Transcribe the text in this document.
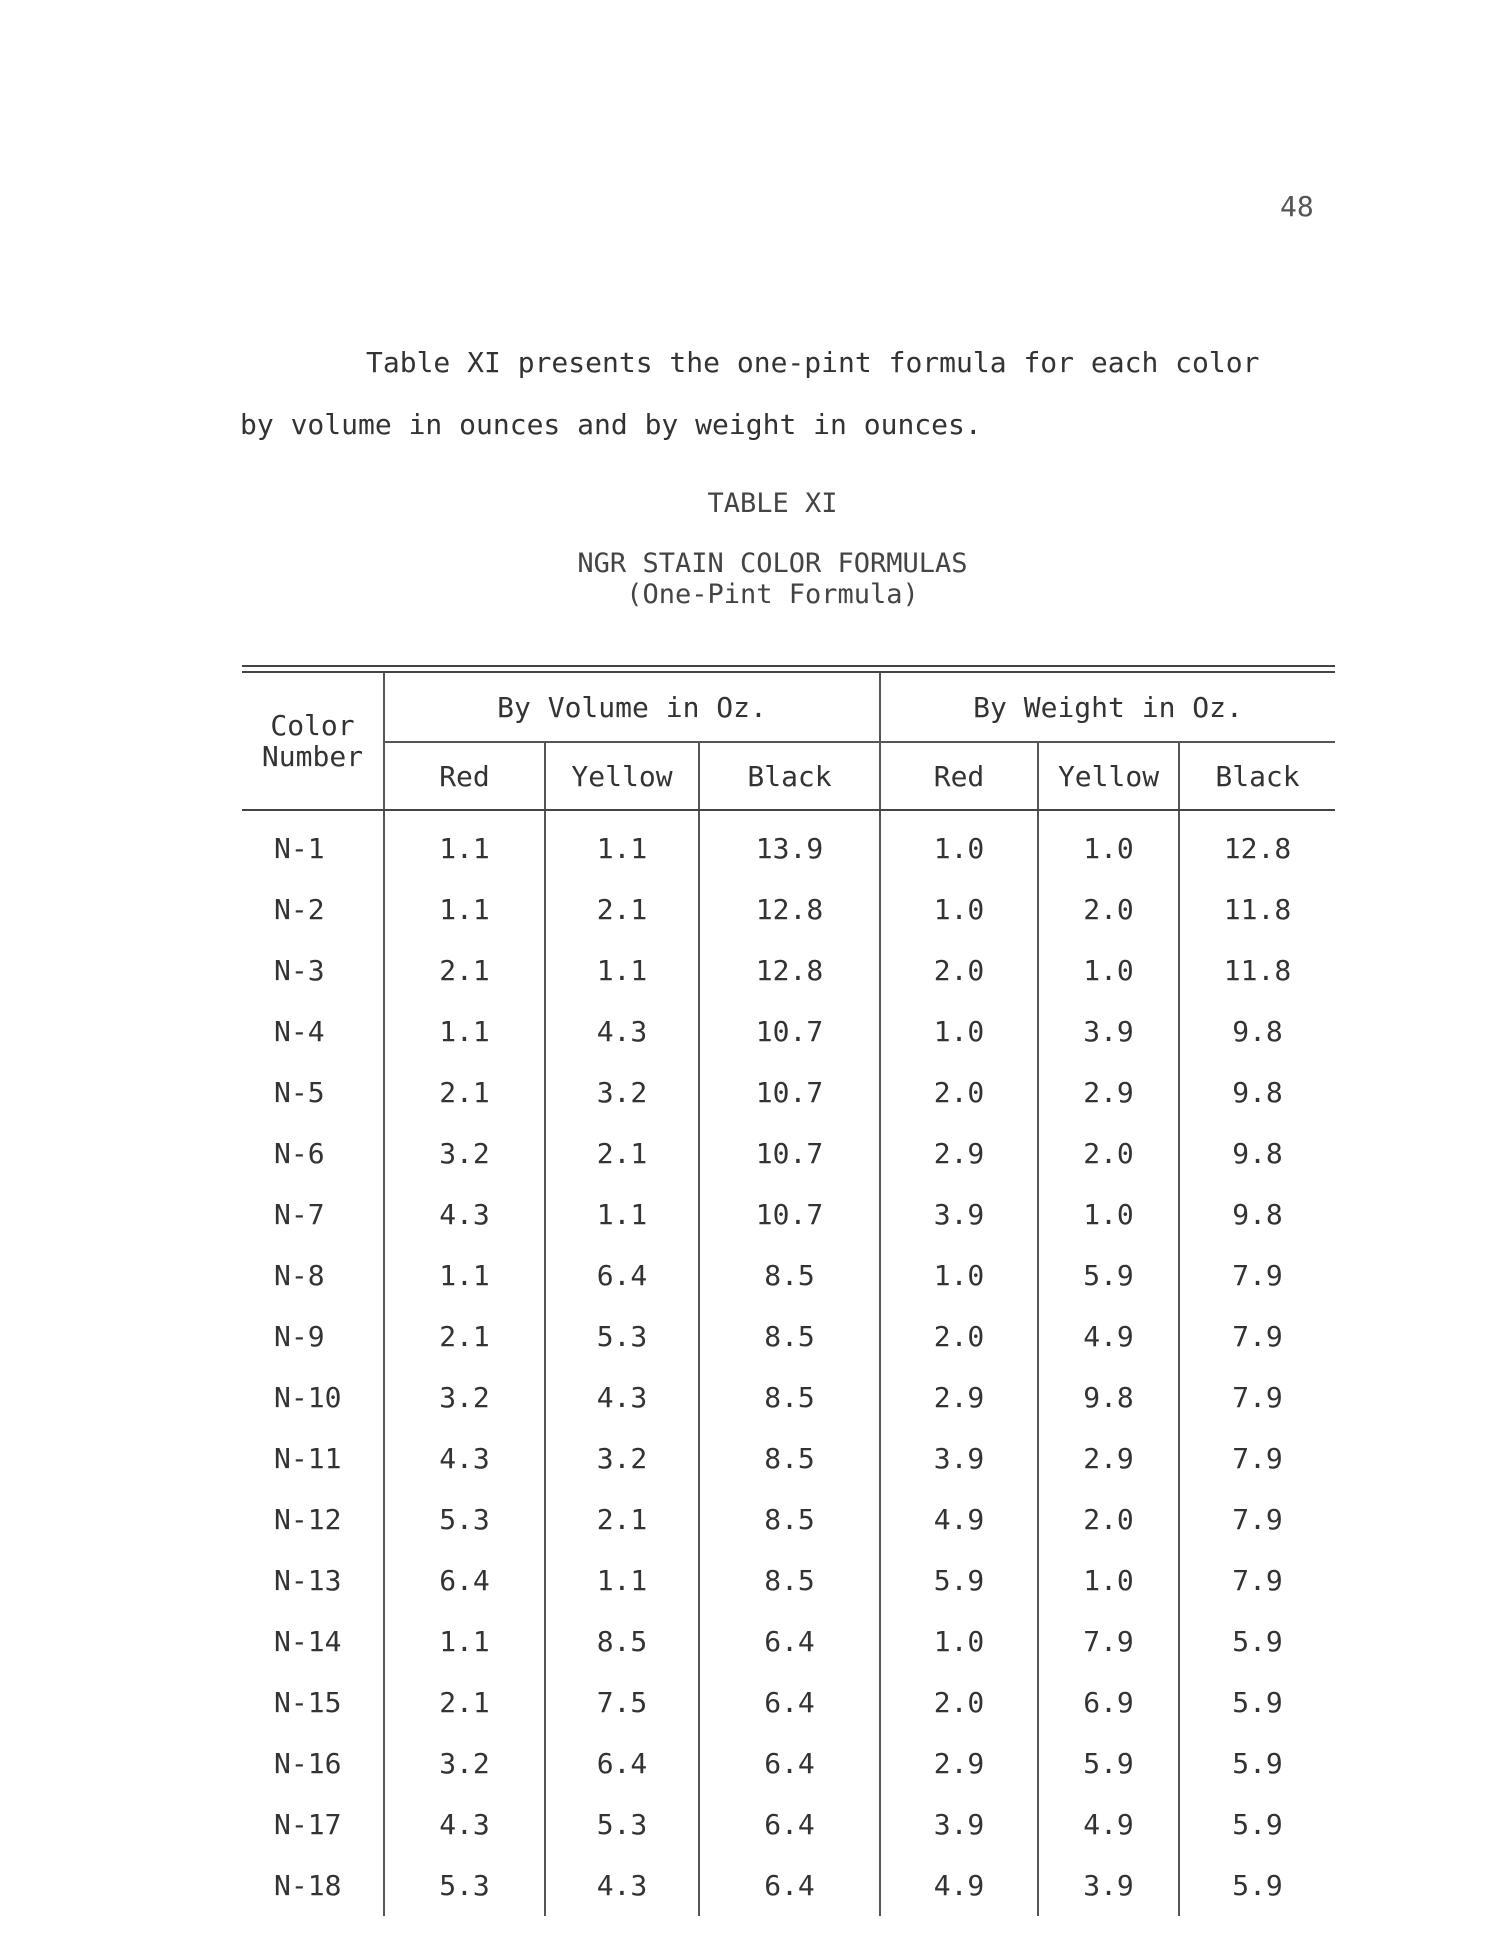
48
Table XI presents the one-pint formula for each color
by volume in ounces and by weight in ounces.
TABLE XI
NGR STAIN COLOR FORMULAS
(One-Pint Formula)
Color
Number	By Volume in Oz.			By Weight in Oz.		
	Red	Yellow	Black	Red	Yellow	Black
N-1	1.1	1.1	13.9	1.0	1.0	12.8
N-2	1.1	2.1	12.8	1.0	2.0	11.8
N-3	2.1	1.1	12.8	2.0	1.0	11.8
N-4	1.1	4.3	10.7	1.0	3.9	9.8
N-5	2.1	3.2	10.7	2.0	2.9	9.8
N-6	3.2	2.1	10.7	2.9	2.0	9.8
N-7	4.3	1.1	10.7	3.9	1.0	9.8
N-8	1.1	6.4	8.5	1.0	5.9	7.9
N-9	2.1	5.3	8.5	2.0	4.9	7.9
N-10	3.2	4.3	8.5	2.9	9.8	7.9
N-11	4.3	3.2	8.5	3.9	2.9	7.9
N-12	5.3	2.1	8.5	4.9	2.0	7.9
N-13	6.4	1.1	8.5	5.9	1.0	7.9
N-14	1.1	8.5	6.4	1.0	7.9	5.9
N-15	2.1	7.5	6.4	2.0	6.9	5.9
N-16	3.2	6.4	6.4	2.9	5.9	5.9
N-17	4.3	5.3	6.4	3.9	4.9	5.9
N-18	5.3	4.3	6.4	4.9	3.9	5.9
